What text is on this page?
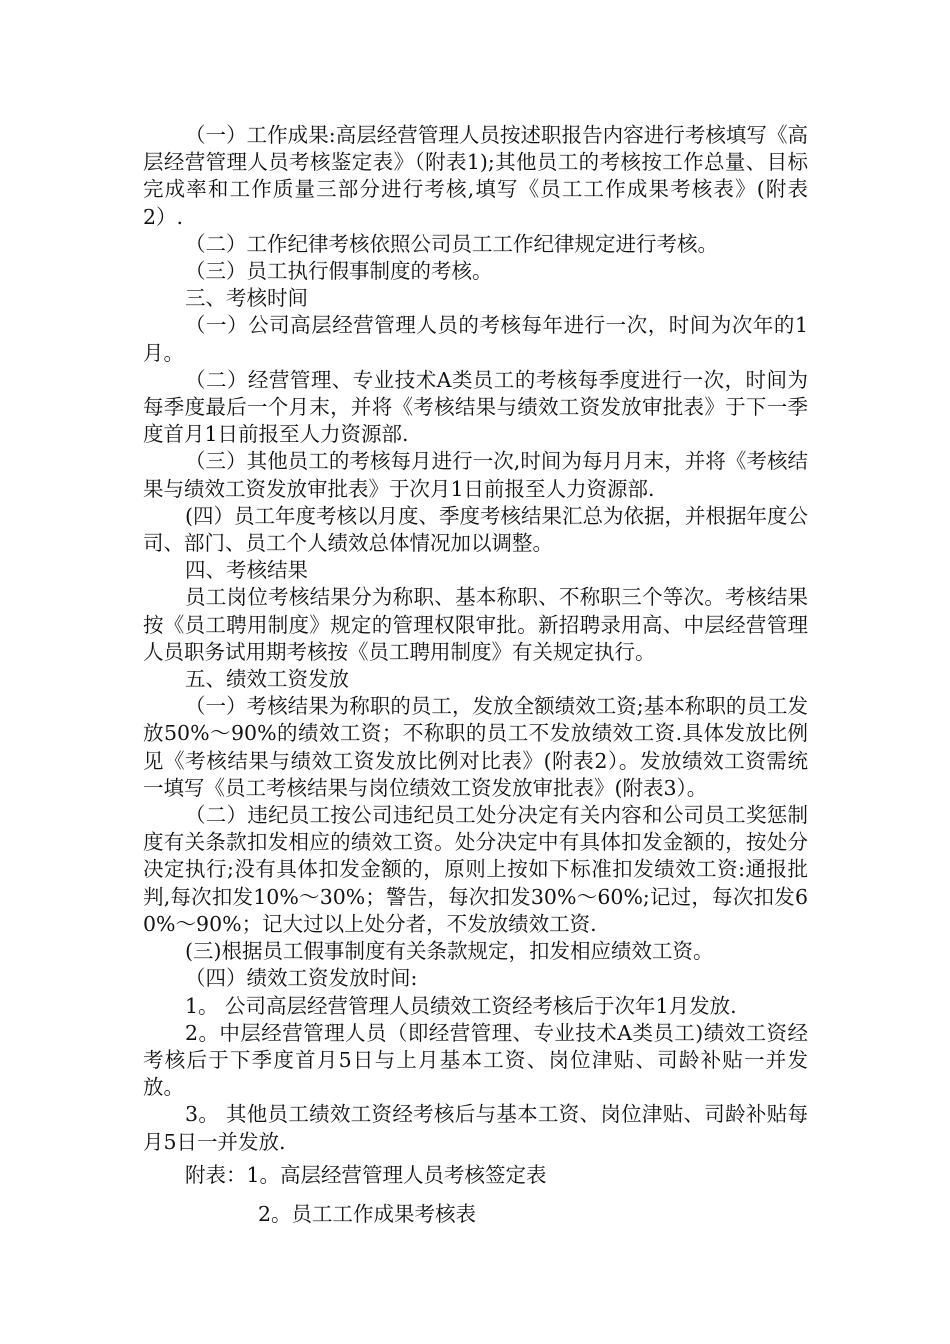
（一）工作成果:高层经营管理人员按述职报告内容进行考核填写《高层经营管理人员考核鉴定表》（附表1);其他员工的考核按工作总量、目标完成率和工作质量三部分进行考核,填写《员工工作成果考核表》(附表2）.

（二）工作纪律考核依照公司员工工作纪律规定进行考核。

（三）员工执行假事制度的考核。

三、考核时间

（一）公司高层经营管理人员的考核每年进行一次，时间为次年的1月。

（二）经营管理、专业技术A类员工的考核每季度进行一次，时间为每季度最后一个月末，并将《考核结果与绩效工资发放审批表》于下一季度首月1日前报至人力资源部.

（三）其他员工的考核每月进行一次,时间为每月月末，并将《考核结果与绩效工资发放审批表》于次月1日前报至人力资源部.

(四）员工年度考核以月度、季度考核结果汇总为依据，并根据年度公司、部门、员工个人绩效总体情况加以调整。

四、考核结果

员工岗位考核结果分为称职、基本称职、不称职三个等次。考核结果按《员工聘用制度》规定的管理权限审批。新招聘录用高、中层经营管理人员职务试用期考核按《员工聘用制度》有关规定执行。

五、绩效工资发放

（一）考核结果为称职的员工，发放全额绩效工资;基本称职的员工发放50%～90%的绩效工资；不称职的员工不发放绩效工资.具体发放比例见《考核结果与绩效工资发放比例对比表》(附表2）。发放绩效工资需统一填写《员工考核结果与岗位绩效工资发放审批表》(附表3）。

（二）违纪员工按公司违纪员工处分决定有关内容和公司员工奖惩制度有关条款扣发相应的绩效工资。处分决定中有具体扣发金额的，按处分决定执行;没有具体扣发金额的，原则上按如下标准扣发绩效工资:通报批判,每次扣发10%～30%；警告，每次扣发30%～60%;记过，每次扣发60%～90%；记大过以上处分者，不发放绩效工资.

(三)根据员工假事制度有关条款规定，扣发相应绩效工资。

（四）绩效工资发放时间:

1。 公司高层经营管理人员绩效工资经考核后于次年1月发放.

2。中层经营管理人员（即经营管理、专业技术A类员工)绩效工资经考核后于下季度首月5日与上月基本工资、岗位津贴、司龄补贴一并发放。

3。 其他员工绩效工资经考核后与基本工资、岗位津贴、司龄补贴每月5日一并发放.

附表：1。高层经营管理人员考核签定表

2。员工工作成果考核表
